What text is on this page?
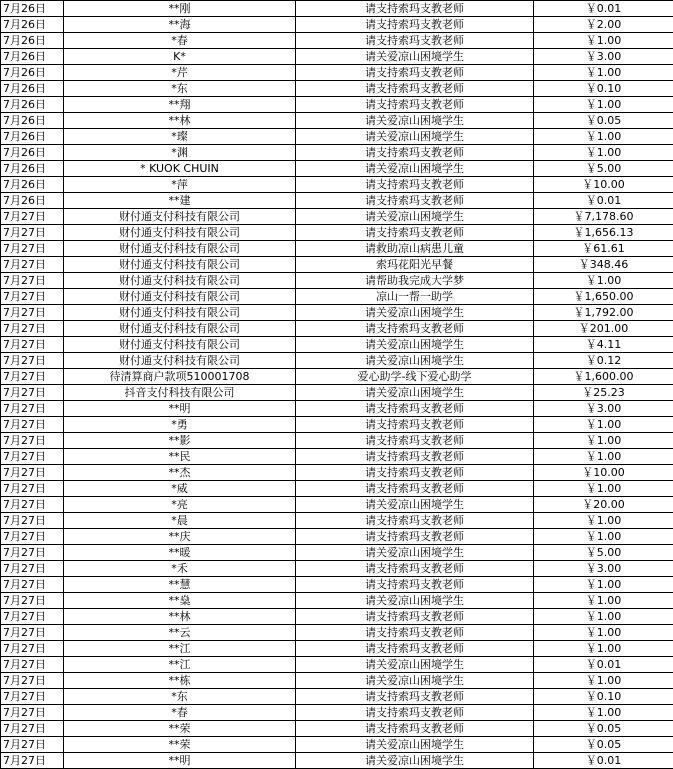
7月26日	**刚	请支持索玛支教老师	￥0.01
7月26日	**海	请支持索玛支教老师	￥2.00
7月26日	*春	请支持索玛支教老师	￥1.00
7月26日	K*	请关爱凉山困境学生	￥3.00
7月26日	*芹	请支持索玛支教老师	￥1.00
7月26日	*东	请支持索玛支教老师	￥0.10
7月26日	**翔	请支持索玛支教老师	￥1.00
7月26日	**林	请关爱凉山困境学生	￥0.05
7月26日	*璨	请关爱凉山困境学生	￥1.00
7月26日	*渊	请支持索玛支教老师	￥1.00
7月26日	* KUOK CHUIN	请关爱凉山困境学生	￥5.00
7月26日	*萍	请支持索玛支教老师	￥10.00
7月26日	**建	请支持索玛支教老师	￥0.01
7月27日	财付通支付科技有限公司	请关爱凉山困境学生	￥7,178.60
7月27日	财付通支付科技有限公司	请支持索玛支教老师	￥1,656.13
7月27日	财付通支付科技有限公司	请救助凉山病患儿童	￥61.61
7月27日	财付通支付科技有限公司	索玛花阳光早餐	￥348.46
7月27日	财付通支付科技有限公司	请帮助我完成大学梦	￥1.00
7月27日	财付通支付科技有限公司	凉山一帮一助学	￥1,650.00
7月27日	财付通支付科技有限公司	请关爱凉山困境学生	￥1,792.00
7月27日	财付通支付科技有限公司	请支持索玛支教老师	￥201.00
7月27日	财付通支付科技有限公司	请关爱凉山困境学生	￥4.11
7月27日	财付通支付科技有限公司	请关爱凉山困境学生	￥0.12
7月27日	待清算商户款项510001708	爱心助学-线下爱心助学	￥1,600.00
7月27日	抖音支付科技有限公司	请关爱凉山困境学生	￥25.23
7月27日	**明	请支持索玛支教老师	￥3.00
7月27日	*勇	请支持索玛支教老师	￥1.00
7月27日	**影	请支持索玛支教老师	￥1.00
7月27日	**民	请支持索玛支教老师	￥1.00
7月27日	**杰	请支持索玛支教老师	￥10.00
7月27日	*威	请支持索玛支教老师	￥1.00
7月27日	*亮	请关爱凉山困境学生	￥20.00
7月27日	*晨	请支持索玛支教老师	￥1.00
7月27日	**庆	请支持索玛支教老师	￥1.00
7月27日	**暖	请关爱凉山困境学生	￥5.00
7月27日	*禾	请支持索玛支教老师	￥3.00
7月27日	**慧	请支持索玛支教老师	￥1.00
7月27日	**燊	请关爱凉山困境学生	￥1.00
7月27日	**林	请支持索玛支教老师	￥1.00
7月27日	**云	请支持索玛支教老师	￥1.00
7月27日	**江	请支持索玛支教老师	￥1.00
7月27日	**江	请关爱凉山困境学生	￥0.01
7月27日	**栋	请关爱凉山困境学生	￥1.00
7月27日	*东	请支持索玛支教老师	￥0.10
7月27日	*春	请支持索玛支教老师	￥1.00
7月27日	**荣	请支持索玛支教老师	￥0.05
7月27日	**荣	请关爱凉山困境学生	￥0.05
7月27日	**明	请关爱凉山困境学生	￥0.01
